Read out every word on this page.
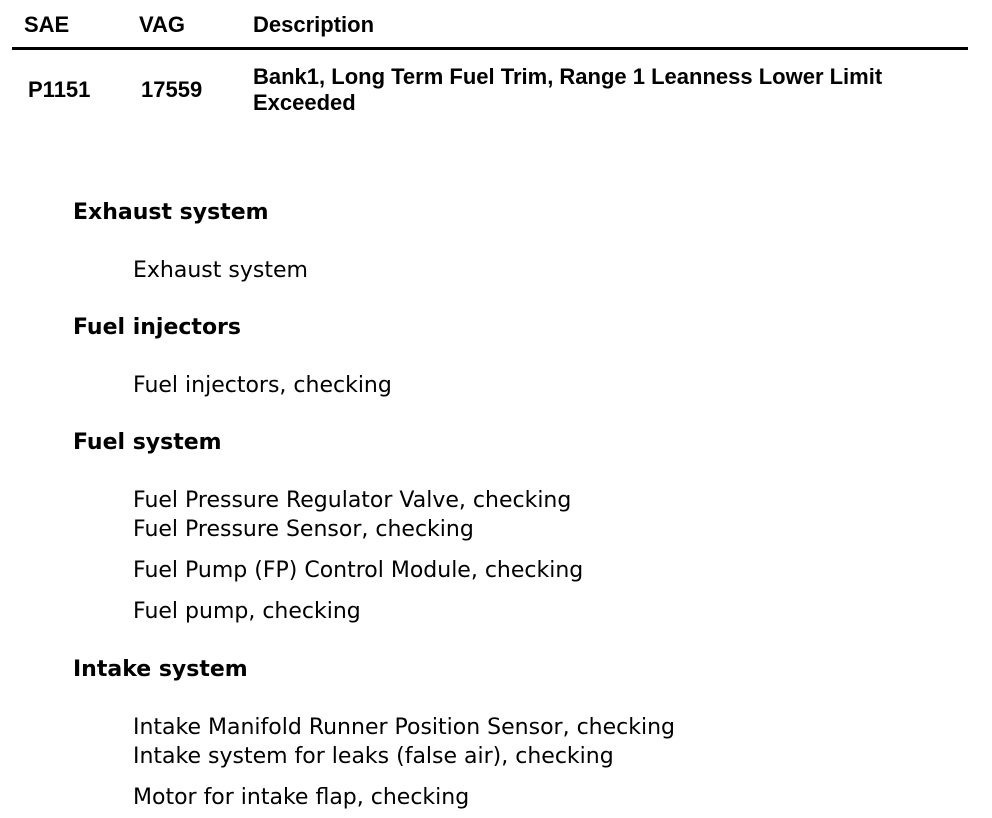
SAE	VAG	Description
P1151 17559
Bank1, Long Term Fuel Trim, Range 1 Leanness Lower Limit Exceeded
Exhaust system
Exhaust system
Fuel injectors
Fuel injectors, checking
Fuel system
Fuel Pressure Regulator Valve, checking
Fuel Pressure Sensor, checking
Fuel Pump (FP) Control Module, checking
Fuel pump, checking
Intake system
Intake Manifold Runner Position Sensor, checking
Intake system for leaks (false air), checking
Motor for intake flap, checking
